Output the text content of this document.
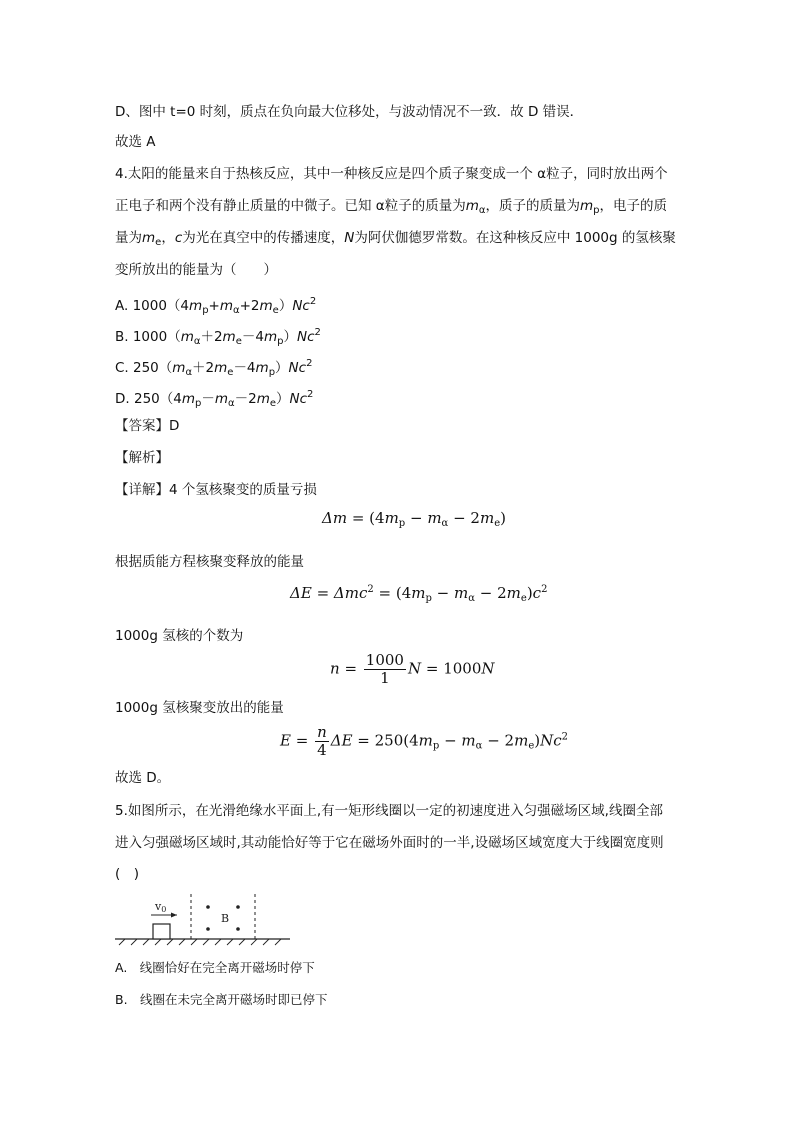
D、图中 t=0 时刻，质点在负向最大位移处，与波动情况不一致．故 D 错误．
故选 A
4.太阳的能量来自于热核反应，其中一种核反应是四个质子聚变成一个 α粒子，同时放出两个
正电子和两个没有静止质量的中微子。已知 α粒子的质量为$m_\alpha$，质子的质量为$m_p$，电子的质
量为$m_e$，c为光在真空中的传播速度，N为阿伏伽德罗常数。在这种核反应中 1000g 的氢核聚
变所放出的能量为（　　）
A. $1000(4m_p+m_\alpha+2m_e)Nc^2$
B. $1000(m_\alpha+2m_e-4m_p)Nc^2$
C. $250(m_\alpha+2m_e-4m_p)Nc^2$
D. $250(4m_p-m_\alpha-2m_e)Nc^2$
【答案】D
【解析】
【详解】4 个氢核聚变的质量亏损
$\Delta m = (4m_p - m_\alpha - 2m_e)$
根据质能方程核聚变释放的能量
$\Delta E = \Delta mc^2 = (4m_p - m_\alpha - 2m_e)c^2$
1000g 氢核的个数为
$n = \frac{1000}{1}$ N = 1000N
1000g 氢核聚变放出的能量
$E = \frac{n}{4}$ $\Delta E = 250(4m_p - m_\alpha - 2m_e)Nc^2$
故选 D。
5.如图所示，在光滑绝缘水平面上,有一矩形线圈以一定的初速度进入匀强磁场区域,线圈全部
进入匀强磁场区域时,其动能恰好等于它在磁场外面时的一半,设磁场区域宽度大于线圈宽度则
(　)
v0
B
A.　线圈恰好在完全离开磁场时停下
B.　线圈在未完全离开磁场时即已停下
